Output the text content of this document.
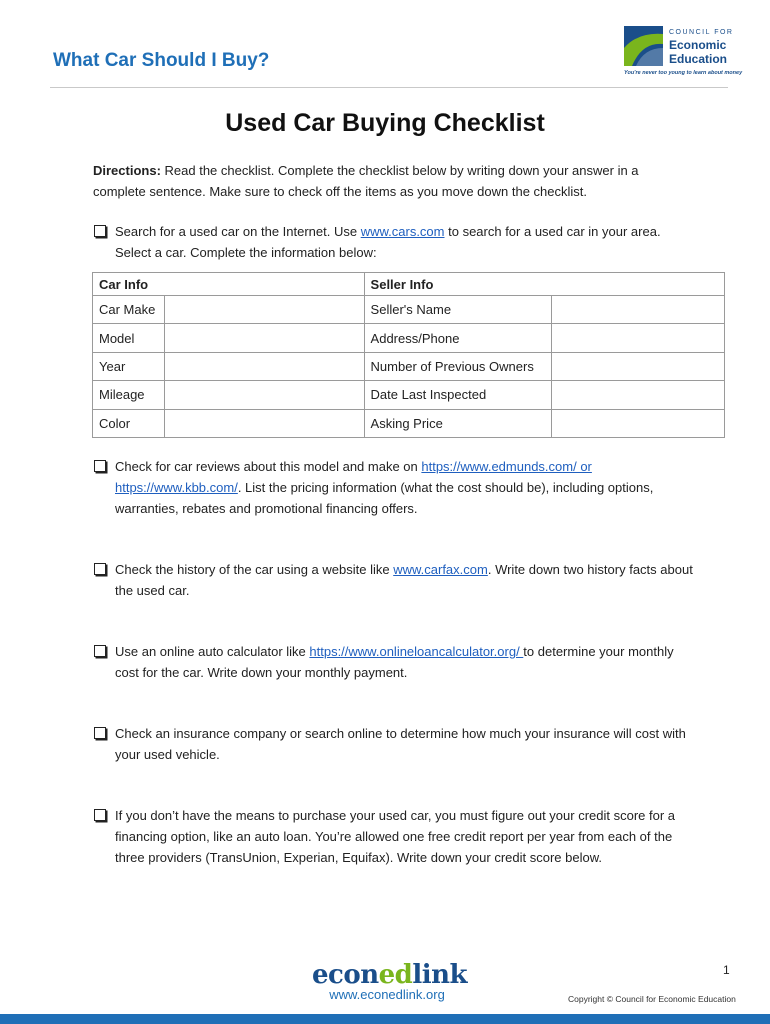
What Car Should I Buy?
COUNCIL FOR
Economic
Education
You're never too young to learn about money
Used Car Buying Checklist
Directions: Read the checklist. Complete the checklist below by writing down your answer in a complete sentence. Make sure to check off the items as you move down the checklist.
Search for a used car on the Internet. Use www.cars.com to search for a used car in your area. Select a car. Complete the information below:
Car Info		Seller Info	
Car Make		Seller's Name	
Model		Address/Phone	
Year		Number of Previous Owners	
Mileage		Date Last Inspected	
Color		Asking Price	
Check for car reviews about this model and make on https://www.edmunds.com/ or
https://www.kbb.com/. List the pricing information (what the cost should be), including options, warranties, rebates and promotional financing offers.
Check the history of the car using a website like www.carfax.com. Write down two history facts about the used car.
Use an online auto calculator like https://www.onlineloancalculator.org/ to determine your monthly cost for the car. Write down your monthly payment.
Check an insurance company or search online to determine how much your insurance will cost with your used vehicle.
If you don’t have the means to purchase your used car, you must figure out your credit score for a financing option, like an auto loan. You’re allowed one free credit report per year from each of the three providers (TransUnion, Experian, Equifax). Write down your credit score below.
1
econedlink
www.econedlink.org	Copyright © Council for Economic Education
